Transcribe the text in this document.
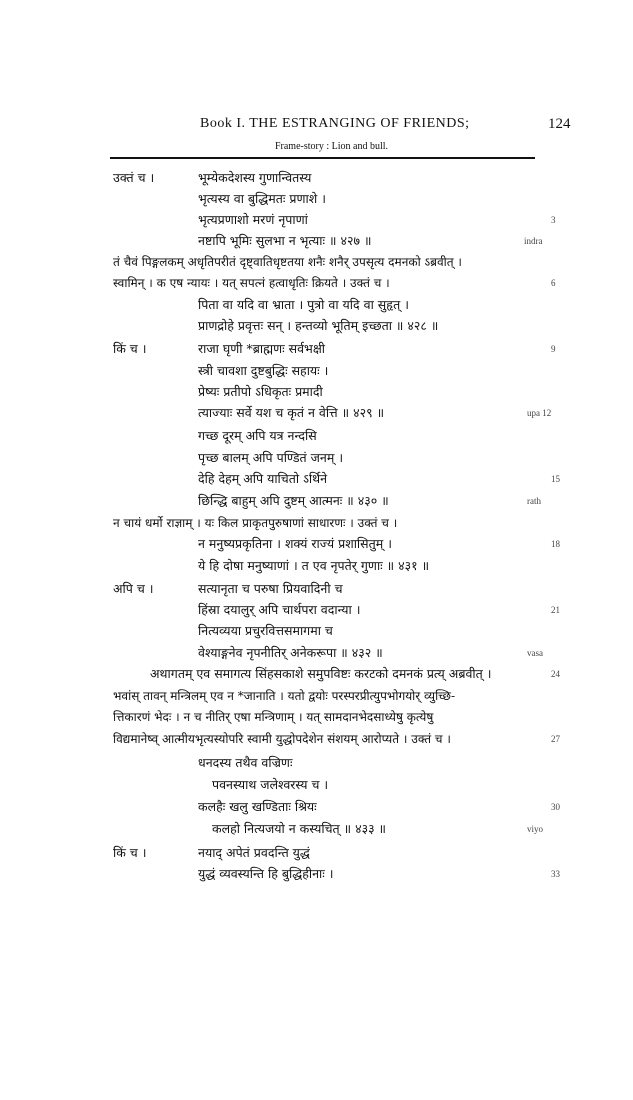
Book I. THE ESTRANGING OF FRIENDS;	124
Frame-story : Lion and bull.
उक्तं च ।	भूम्येकदेशस्य गुणान्वितस्य
भृत्यस्य वा बुद्धिमतः प्रणाशे ।
भृत्यप्रणाशो मरणं नृपाणां	3
नष्टापि भूमिः सुलभा न भृत्याः ॥ ४२७ ॥	indra
तं चैवं पिङ्गलकम् अधृतिपरीतं दृष्ट्वातिधृष्टतया शनैः शनैर् उपसृत्य दमनको ऽब्रवीत् ।
स्वामिन् । क एष न्यायः । यत् सपत्नं हत्वाधृतिः क्रियते । उक्तं च ।	6
पिता वा यदि वा भ्राता । पुत्रो वा यदि वा सुहृत् ।
प्राणद्रोहे प्रवृत्तः सन् । हन्तव्यो भूतिम् इच्छता ॥ ४२८ ॥
किं च ।	राजा घृणी *ब्राह्मणः सर्वभक्षी	9
स्त्री चावशा दुष्टबुद्धिः सहायः ।
प्रेष्यः प्रतीपो ऽधिकृतः प्रमादी
त्याज्याः सर्वे यश च कृतं न वेत्ति ॥ ४२९ ॥	upa 12
गच्छ दूरम् अपि यत्र नन्दसि
पृच्छ बालम् अपि पण्डितं जनम् ।
देहि देहम् अपि याचितो ऽर्थिने	15
छिन्द्धि बाहुम् अपि दुष्टम् आत्मनः ॥ ४३० ॥	rath
न चायं धर्मो राज्ञाम् । यः किल प्राकृतपुरुषाणां साधारणः । उक्तं च ।
न मनुष्यप्रकृतिना । शक्यं राज्यं प्रशासितुम् ।	18
ये हि दोषा मनुष्याणां । त एव नृपतेर् गुणाः ॥ ४३१ ॥
अपि च ।	सत्यानृता च परुषा प्रियवादिनी च
हिंस्रा दयालुर् अपि चार्थपरा वदान्या ।	21
नित्यव्यया प्रचुरवित्तसमागमा च
वेश्याङ्गनेव नृपनीतिर् अनेकरूपा ॥ ४३२ ॥	vasa
अथागतम् एव समागत्य सिंहसकाशे समुपविष्टः करटको दमनकं प्रत्य् अब्रवीत् ।	24
भवांस् तावन् मन्त्रिलम् एव न *जानाति । यतो द्वयोः परस्परप्रीत्युपभोगयोर् व्युच्छि-
त्तिकारणं भेदः । न च नीतिर् एषा मन्त्रिणाम् । यत् सामदानभेदसाध्येषु कृत्येषु
विद्यमानेष्व् आत्मीयभृत्यस्योपरि स्वामी युद्धोपदेशेन संशयम् आरोप्यते । उक्तं च ।	27
धनदस्य तथैव वज्रिणः
पवनस्याथ जलेश्वरस्य च ।
कलहैः खलु खण्डिताः श्रियः	30
कलहो नित्यजयो न कस्यचित् ॥ ४३३ ॥	viyo
किं च ।	नयाद् अपेतं प्रवदन्ति युद्धं
युद्धं व्यवस्यन्ति हि बुद्धिहीनाः ।	33
